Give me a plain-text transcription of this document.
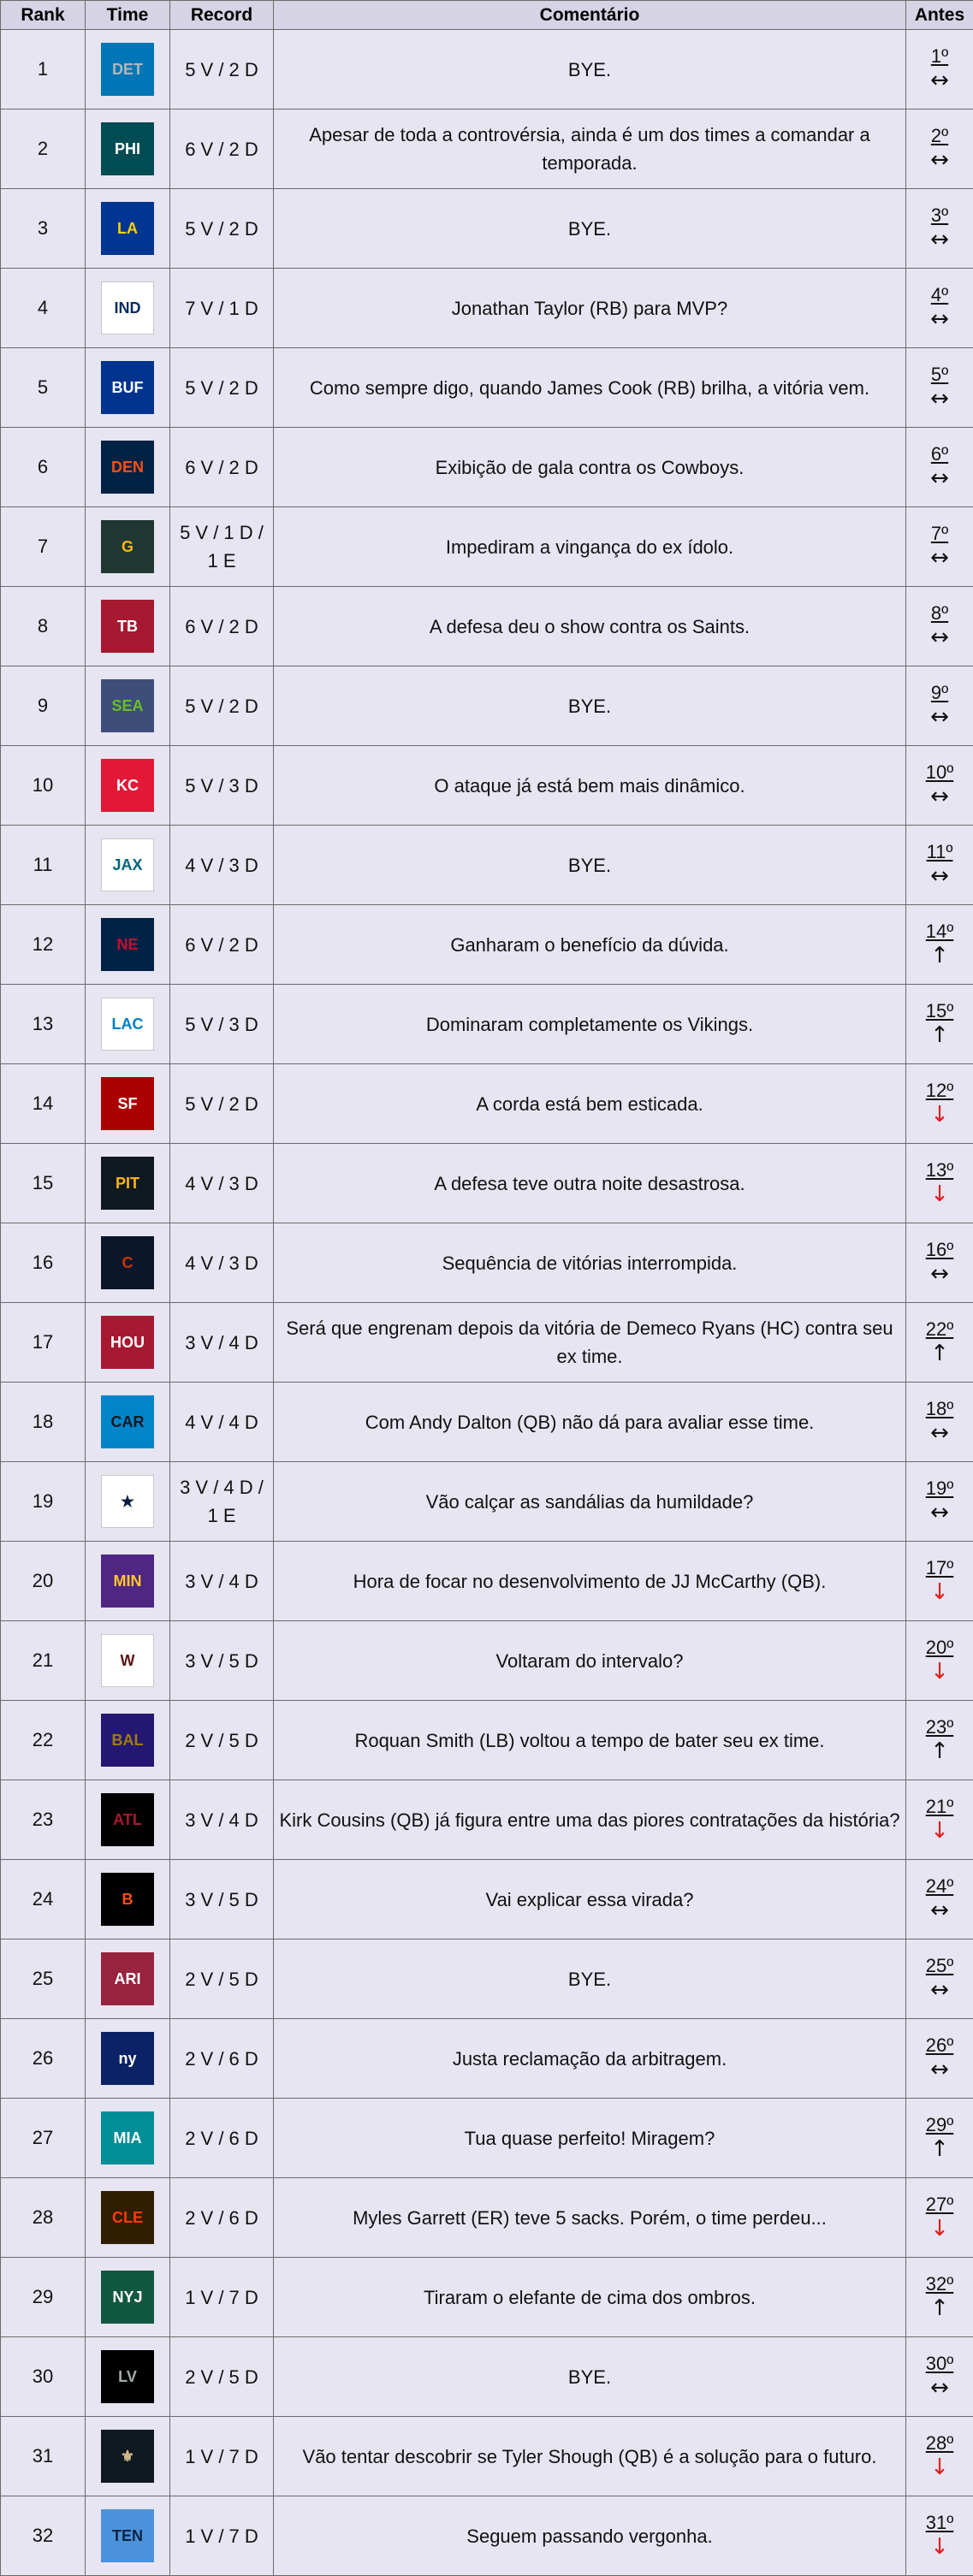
Rank	Time	Record	Comentário	Antes
1	DET	5 V / 2 D	BYE.	1º
↔

2	PHI	6 V / 2 D	Apesar de toda a controvérsia, ainda é um dos times a comandar a temporada.	2º
↔

3	LA	5 V / 2 D	BYE.	3º
↔

4	IND	7 V / 1 D	Jonathan Taylor (RB) para MVP?	4º
↔

5	BUF	5 V / 2 D	Como sempre digo, quando James Cook (RB) brilha, a vitória vem.	5º
↔

6	DEN	6 V / 2 D	Exibição de gala contra os Cowboys.	6º
↔

7	G	5 V / 1 D / 1 E	Impediram a vingança do ex ídolo.	7º
↔

8	TB	6 V / 2 D	A defesa deu o show contra os Saints.	8º
↔

9	SEA	5 V / 2 D	BYE.	9º
↔

10	KC	5 V / 3 D	O ataque já está bem mais dinâmico.	10º
↔

11	JAX	4 V / 3 D	BYE.	11º
↔

12	NE	6 V / 2 D	Ganharam o benefício da dúvida.	14º
↑

13	LAC	5 V / 3 D	Dominaram completamente os Vikings.	15º
↑

14	SF	5 V / 2 D	A corda está bem esticada.	12º
↓

15	PIT	4 V / 3 D	A defesa teve outra noite desastrosa.	13º
↓

16	C	4 V / 3 D	Sequência de vitórias interrompida.	16º
↔

17	HOU	3 V / 4 D	Será que engrenam depois da vitória de Demeco Ryans (HC) contra seu ex time.	22º
↑

18	CAR	4 V / 4 D	Com Andy Dalton (QB) não dá para avaliar esse time.	18º
↔

19	★	3 V / 4 D / 1 E	Vão calçar as sandálias da humildade?	19º
↔

20	MIN	3 V / 4 D	Hora de focar no desenvolvimento de JJ McCarthy (QB).	17º
↓

21	W	3 V / 5 D	Voltaram do intervalo?	20º
↓

22	BAL	2 V / 5 D	Roquan Smith (LB) voltou a tempo de bater seu ex time.	23º
↑

23	ATL	3 V / 4 D	Kirk Cousins (QB) já figura entre uma das piores contratações da história?	21º
↓

24	B	3 V / 5 D	Vai explicar essa virada?	24º
↔

25	ARI	2 V / 5 D	BYE.	25º
↔

26	ny	2 V / 6 D	Justa reclamação da arbitragem.	26º
↔

27	MIA	2 V / 6 D	Tua quase perfeito! Miragem?	29º
↑

28	CLE	2 V / 6 D	Myles Garrett (ER) teve 5 sacks. Porém, o time perdeu...	27º
↓

29	NYJ	1 V / 7 D	Tiraram o elefante de cima dos ombros.	32º
↑

30	LV	2 V / 5 D	BYE.	30º
↔

31	⚜	1 V / 7 D	Vão tentar descobrir se Tyler Shough (QB) é a solução para o futuro.	28º
↓

32	TEN	1 V / 7 D	Seguem passando vergonha.	31º
↓
